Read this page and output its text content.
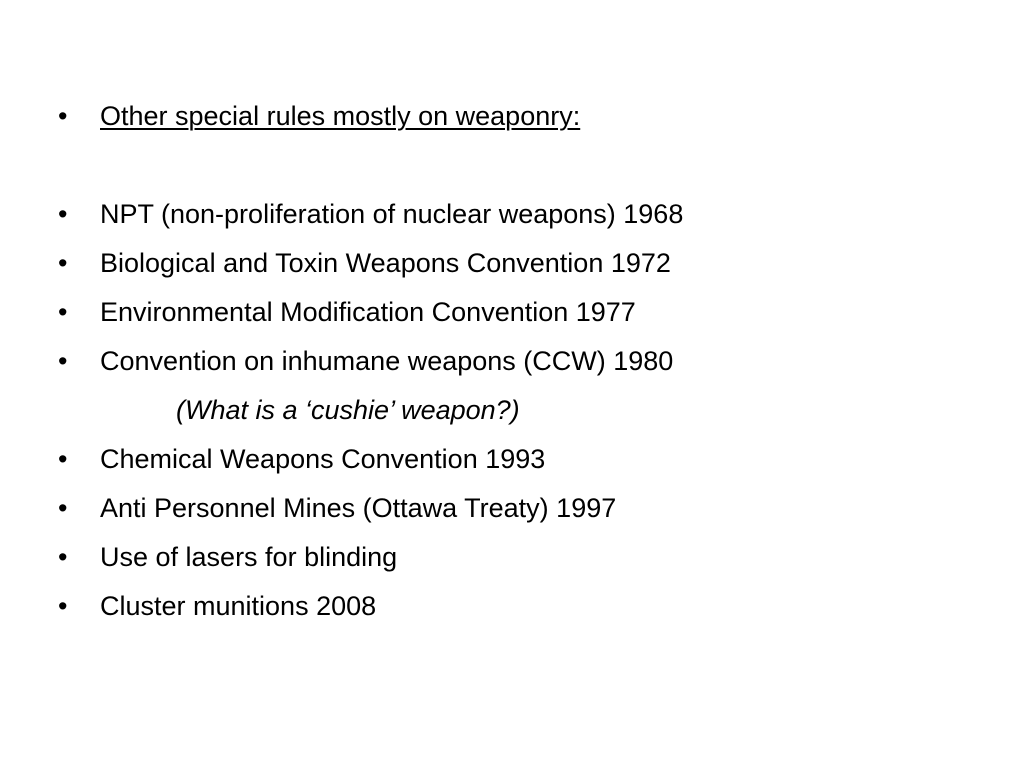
•	Other special rules mostly on weaponry:
•	NPT (non-proliferation of nuclear weapons) 1968
•	Biological and Toxin Weapons Convention 1972
•	Environmental Modification Convention 1977
•	Convention on inhumane weapons (CCW) 1980
(What is a ‘cushie’ weapon?)
•	Chemical Weapons Convention 1993
•	Anti Personnel Mines (Ottawa Treaty) 1997
•	Use of lasers for blinding
•	Cluster munitions 2008
